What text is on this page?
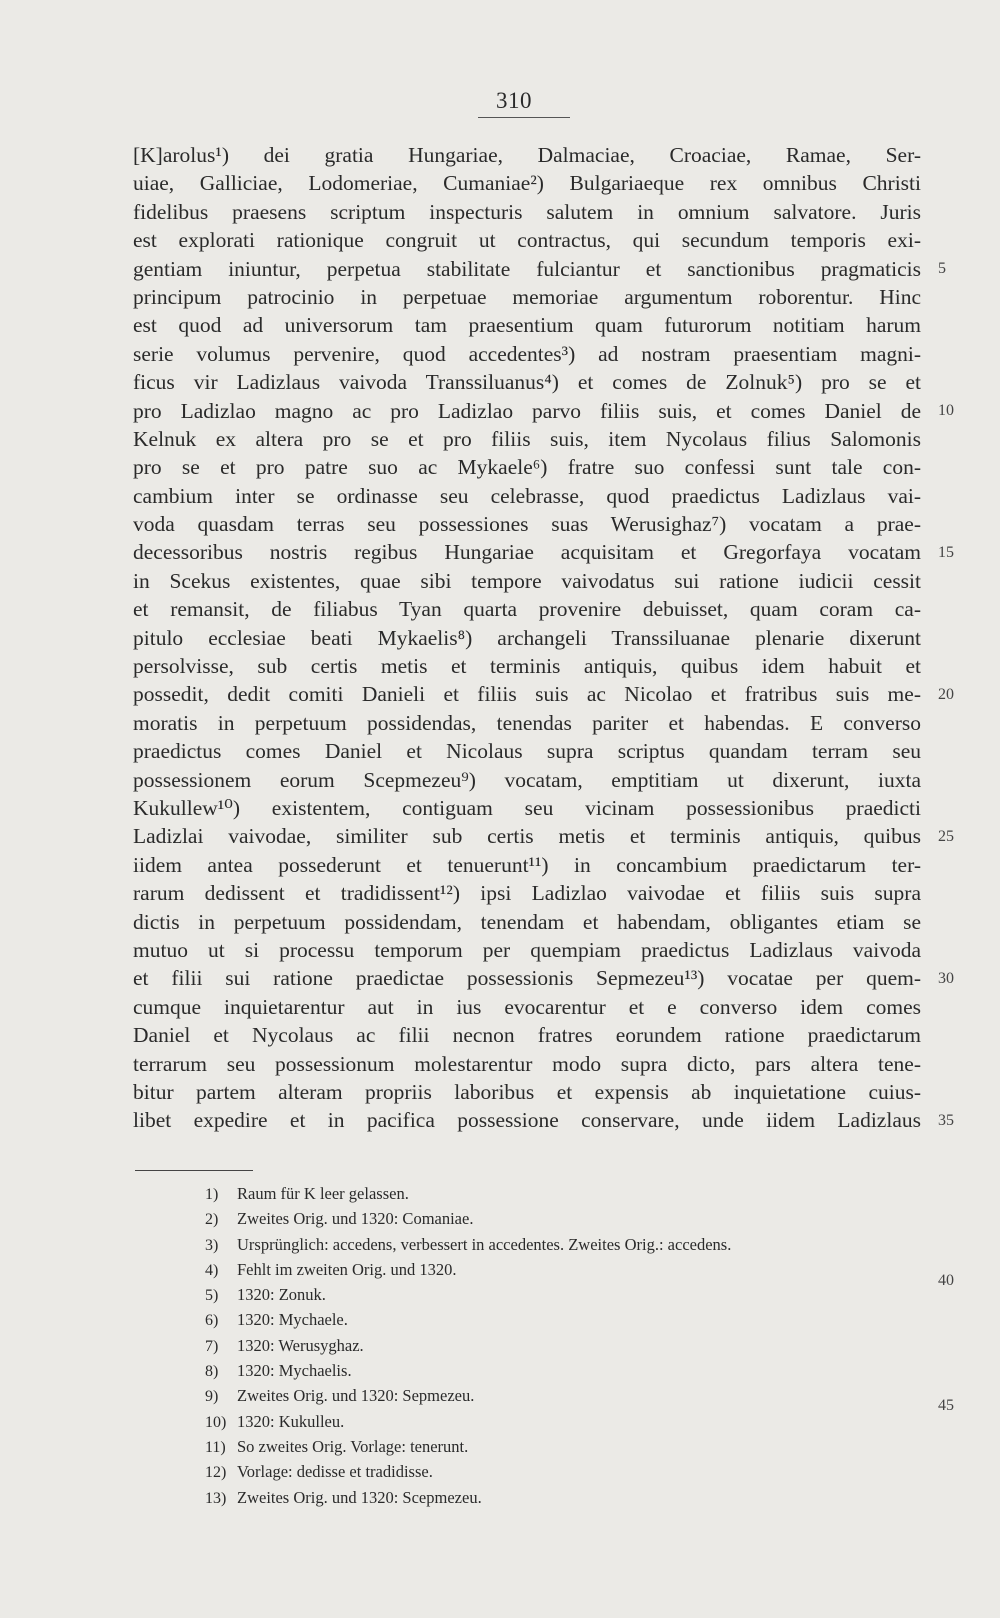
310
[K]arolus¹) dei gratia Hungariae, Dalmaciae, Croaciae, Ramae, Ser-
uiae, Galliciae, Lodomeriae, Cumaniae²) Bulgariaeque rex omnibus Christi
fidelibus praesens scriptum inspecturis salutem in omnium salvatore. Juris
est explorati rationique congruit ut contractus, qui secundum temporis exi-
gentiam iniuntur, perpetua stabilitate fulciantur et sanctionibus pragmaticis
principum patrocinio in perpetuae memoriae argumentum roborentur. Hinc
est quod ad universorum tam praesentium quam futurorum notitiam harum
serie volumus pervenire, quod accedentes³) ad nostram praesentiam magni-
ficus vir Ladizlaus vaivoda Transsiluanus⁴) et comes de Zolnuk⁵) pro se et
pro Ladizlao magno ac pro Ladizlao parvo filiis suis, et comes Daniel de
Kelnuk ex altera pro se et pro filiis suis, item Nycolaus filius Salomonis
pro se et pro patre suo ac Mykaele⁶) fratre suo confessi sunt tale con-
cambium inter se ordinasse seu celebrasse, quod praedictus Ladizlaus vai-
voda quasdam terras seu possessiones suas Werusighaz⁷) vocatam a prae-
decessoribus nostris regibus Hungariae acquisitam et Gregorfaya vocatam
in Scekus existentes, quae sibi tempore vaivodatus sui ratione iudicii cessit
et remansit, de filiabus Tyan quarta provenire debuisset, quam coram ca-
pitulo ecclesiae beati Mykaelis⁸) archangeli Transsiluanae plenarie dixerunt
persolvisse, sub certis metis et terminis antiquis, quibus idem habuit et
possedit, dedit comiti Danieli et filiis suis ac Nicolao et fratribus suis me-
moratis in perpetuum possidendas, tenendas pariter et habendas. E converso
praedictus comes Daniel et Nicolaus supra scriptus quandam terram seu
possessionem eorum Scepmezeu⁹) vocatam, emptitiam ut dixerunt, iuxta
Kukullew¹⁰) existentem, contiguam seu vicinam possessionibus praedicti
Ladizlai vaivodae, similiter sub certis metis et terminis antiquis, quibus
iidem antea possederunt et tenuerunt¹¹) in concambium praedictarum ter-
rarum dedissent et tradidissent¹²) ipsi Ladizlao vaivodae et filiis suis supra
dictis in perpetuum possidendam, tenendam et habendam, obligantes etiam se
mutuo ut si processu temporum per quempiam praedictus Ladizlaus vaivoda
et filii sui ratione praedictae possessionis Sepmezeu¹³) vocatae per quem-
cumque inquietarentur aut in ius evocarentur et e converso idem comes
Daniel et Nycolaus ac filii necnon fratres eorundem ratione praedictarum
terrarum seu possessionum molestarentur modo supra dicto, pars altera tene-
bitur partem alteram propriis laboribus et expensis ab inquietatione cuius-
libet expedire et in pacifica possessione conservare, unde iidem Ladizlaus
5
10
15
20
25
30
35
1) Raum für K leer gelassen.
2) Zweites Orig. und 1320: Comaniae.
3) Ursprünglich: accedens, verbessert in accedentes. Zweites Orig.: accedens.
4) Fehlt im zweiten Orig. und 1320.
5) 1320: Zonuk.
6) 1320: Mychaele.
7) 1320: Werusyghaz.
8) 1320: Mychaelis.
9) Zweites Orig. und 1320: Sepmezeu.
10) 1320: Kukulleu.
11) So zweites Orig. Vorlage: tenerunt.
12) Vorlage: dedisse et tradidisse.
13) Zweites Orig. und 1320: Scepmezeu.
40
45
